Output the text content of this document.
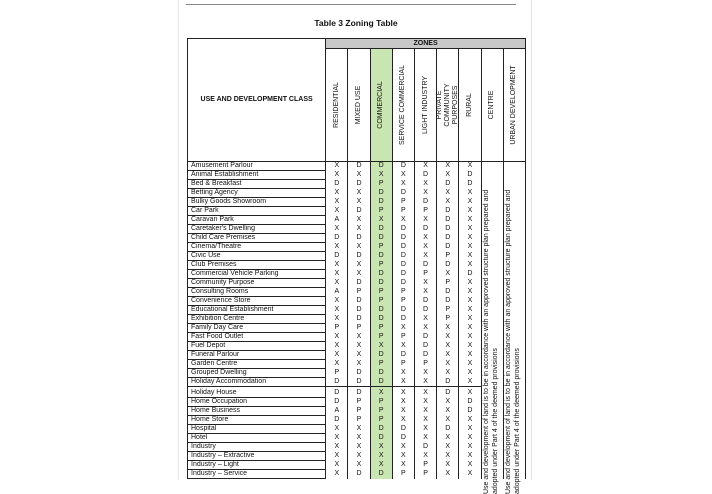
Table 3 Zoning Table
USE AND DEVELOPMENT CLASS	ZONES								

	RESIDENTIAL	MIXED USE	COMMERCIAL	SERVICE COMMERCIAL	LIGHT INDUSTRY	PRIVATE COMMUNITY PURPOSES	RURAL	CENTRE	URBAN DEVELOPMENT

Amusement Parlour	X	D	D	D	X	X	X	Use and development of land is to be in accordance with an approved structure plan prepared and adopted under Part 4 of the deemed provisions	Use and development of land is to be in accordance with an approved structure plan prepared and adopted under Part 4 of the deemed provisions

Animal Establishment	X	X	X	X	D	X	D		
Bed & Breakfast	D	D	P	X	X	D	D		
Betting Agency	X	X	D	D	X	X	X		
Bulky Goods Showroom	X	X	D	P	D	X	X		
Car Park	X	D	P	P	P	D	X		
Caravan Park	A	X	X	X	X	D	X		
Caretaker's Dwelling	X	X	D	D	D	D	X		
Child Care Premises	D	D	D	D	X	D	X		
Cinema/Theatre	X	X	P	D	X	D	X		
Civic Use	D	D	D	D	X	P	X		
Club Premises	X	X	P	D	D	D	X		
Commercial Vehicle Parking	X	X	D	D	P	X	D		
Community Purpose	X	D	D	D	X	P	X		
Consulting Rooms	A	P	P	P	X	D	X		
Convenience Store	X	D	P	P	D	D	X		
Educational Establishment	X	D	D	D	D	P	X		
Exhibition Centre	X	D	D	D	X	P	X		
Family Day Care	P	P	P	X	X	X	X		
Fast Food Outlet	X	X	P	P	D	X	X		
Fuel Depot	X	X	X	X	D	X	X		
Funeral Parlour	X	X	D	D	D	X	X		
Garden Centre	X	X	P	P	P	X	X		
Grouped Dwelling	P	D	D	X	X	X	X		
Holiday Accommodation	D	D	D	X	X	D	X		
Holiday House	D	D	X	X	X	D	X		
Home Occupation	D	P	P	X	X	X	D		
Home Business	A	P	P	X	X	X	D		
Home Store	D	P	P	X	X	X	X		
Hospital	X	X	D	D	X	D	X		
Hotel	X	X	D	D	X	X	X		
Industry	X	X	X	X	D	X	X		
Industry – Extractive	X	X	X	X	X	X	X		
Industry – Light	X	X	X	X	P	X	X		
Industry – Service	X	D	D	P	P	X	X		
